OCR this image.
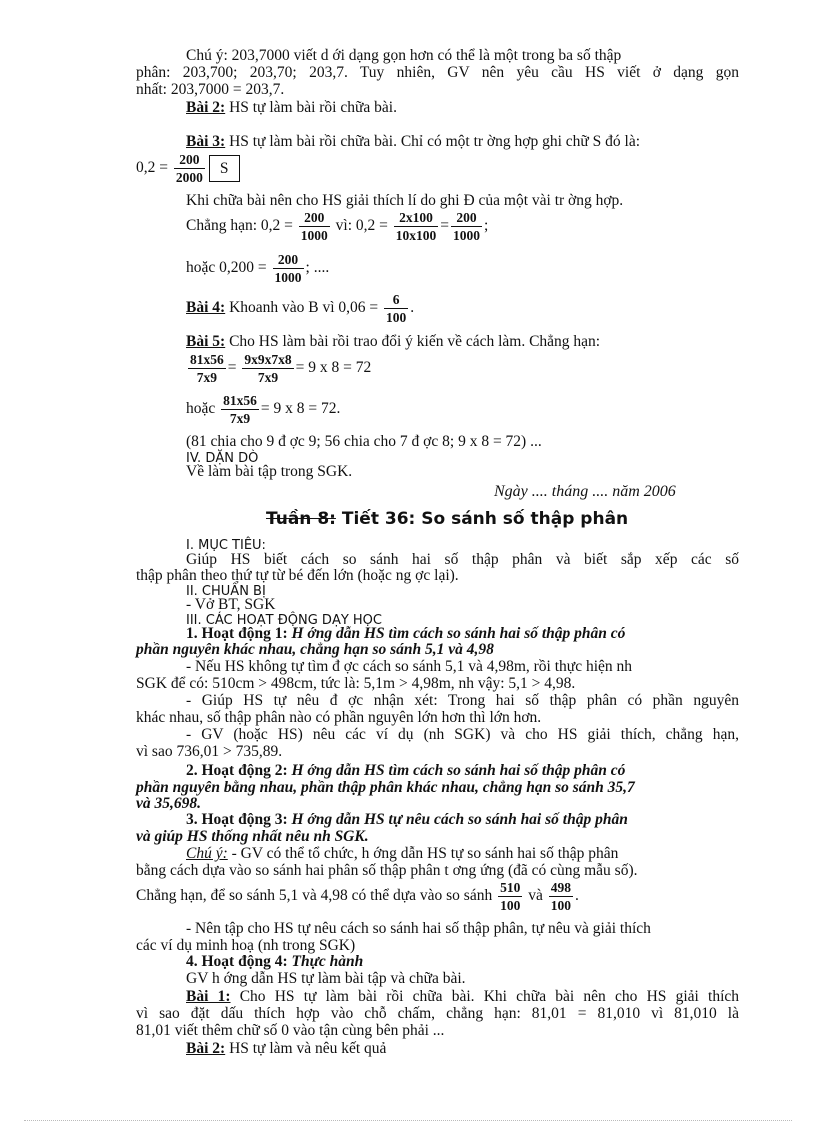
Chú ý: 203,7000 viết d ới dạng gọn hơn có thể là một trong ba số thập
phân: 203,700; 203,70; 203,7. Tuy nhiên, GV nên yêu cầu HS viết ở dạng gọn
nhất: 203,7000 = 203,7.
Bài 2: HS tự làm bài rồi chữa bài.
Bài 3: HS tự làm bài rồi chữa bài. Chỉ có một tr ờng hợp ghi chữ S đó là:
$0,2 = \frac{200}{2000}$ S
Khi chữa bài nên cho HS giải thích lí do ghi Đ của một vài tr ờng hợp.
Chẳng hạn: $0,2 = \frac{200}{1000}$ vì: $0,2 = \frac{2x100}{10x100} = \frac{200}{1000}$ ;
hoặc $0,200 = \frac{200}{1000}$ ; ....
Bài 4: Khoanh vào B vì $0,06 = \frac{6}{100}$ .
Bài 5: Cho HS làm bài rồi trao đổi ý kiến về cách làm. Chẳng hạn:
$\frac{81x56}{7x9} = \frac{9x9x7x8}{7x9} = 9$ x 8 = 72
hoặc $\frac{81x56}{7x9} = 9$ x 8 = 72.
(81 chia cho 9 đ ợc 9; 56 chia cho 7 đ ợc 8; 9 x 8 = 72) ...
IV. DẶN DÒ
Về làm bài tập trong SGK.
Ngày .... tháng .... năm 2006
Tuần 8: Tiết 36: So sánh số thập phân
I. MỤC TIÊU:
Giúp HS biết cách so sánh hai số thập phân và biết sắp xếp các số
thập phân theo thứ tự từ bé đến lớn (hoặc ng ợc lại).
II. CHUẨN BỊ
- Vở BT, SGK
III. CÁC HOẠT ĐỘNG DẠY HỌC
1. Hoạt động 1: H ớng dẫn HS tìm cách so sánh hai số thập phân có
phần nguyên khác nhau, chẳng hạn so sánh 5,1 và 4,98
- Nếu HS không tự tìm đ ợc cách so sánh 5,1 và 4,98m, rồi thực hiện nh
SGK để có: 510cm > 498cm, tức là: 5,1m > 4,98m, nh vậy: 5,1 > 4,98.
- Giúp HS tự nêu đ ợc nhận xét: Trong hai số thập phân có phần nguyên
khác nhau, số thập phân nào có phần nguyên lớn hơn thì lớn hơn.
- GV (hoặc HS) nêu các ví dụ (nh SGK) và cho HS giải thích, chẳng hạn,
vì sao 736,01 > 735,89.
2. Hoạt động 2: H ớng dẫn HS tìm cách so sánh hai số thập phân có
phần nguyên bằng nhau, phần thập phân khác nhau, chẳng hạn so sánh 35,7
và 35,698.
3. Hoạt động 3: H ớng dẫn HS tự nêu cách so sánh hai số thập phân
và giúp HS thống nhất nêu nh SGK.
Chú ý: - GV có thể tổ chức, h ớng dẫn HS tự so sánh hai số thập phân
bằng cách dựa vào so sánh hai phân số thập phân t ơng ứng (đã có cùng mẫu số).
Chẳng hạn, để so sánh 5,1 và 4,98 có thể dựa vào so sánh $\frac{510}{100}$ và $\frac{498}{100}$ .
- Nên tập cho HS tự nêu cách so sánh hai số thập phân, tự nêu và giải thích
các ví dụ minh hoạ (nh trong SGK)
4. Hoạt động 4: Thực hành
GV h ớng dẫn HS tự làm bài tập và chữa bài.
Bài 1: Cho HS tự làm bài rồi chữa bài. Khi chữa bài nên cho HS giải thích
vì sao đặt dấu thích hợp vào chỗ chấm, chẳng hạn: 81,01 = 81,010 vì 81,010 là
81,01 viết thêm chữ số 0 vào tận cùng bên phải ...
Bài 2: HS tự làm và nêu kết quả
